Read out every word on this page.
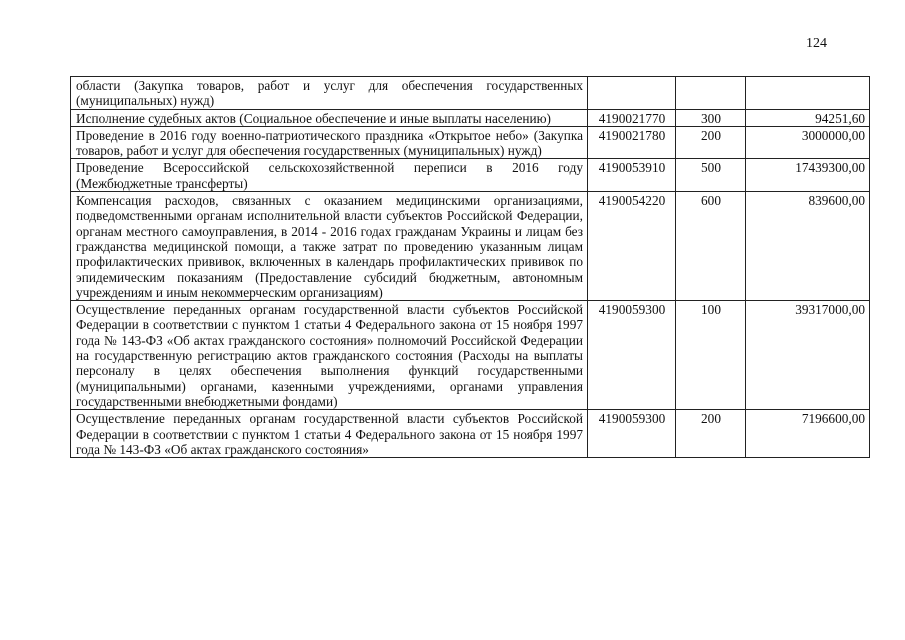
124
области (Закупка товаров, работ и услуг для обеспечения государственных (муниципальных) нужд)			
Исполнение судебных актов (Социальное обеспечение и иные выплаты населению)	4190021770	300	94251,60
Проведение в 2016 году военно-патриотического праздника «Открытое небо» (Закупка товаров, работ и услуг для обеспечения государственных (муниципальных) нужд)	4190021780	200	3000000,00
Проведение Всероссийской сельскохозяйственной переписи в 2016 году (Межбюджетные трансферты)	4190053910	500	17439300,00
Компенсация расходов, связанных с оказанием медицинскими организациями, подведомственными органам исполнительной власти субъектов Российской Федерации, органам местного самоуправления, в 2014 - 2016 годах гражданам Украины и лицам без гражданства медицинской помощи, а также затрат по проведению указанным лицам профилактических прививок, включенных в календарь профилактических прививок по эпидемическим показаниям (Предоставление субсидий бюджетным, автономным учреждениям и иным некоммерческим организациям)	4190054220	600	839600,00
Осуществление переданных органам государственной власти субъектов Российской Федерации в соответствии с пунктом 1 статьи 4 Федерального закона от 15 ноября 1997 года № 143-ФЗ «Об актах гражданского состояния» полномочий Российской Федерации на государственную регистрацию актов гражданского состояния (Расходы на выплаты персоналу в целях обеспечения выполнения функций государственными (муниципальными) органами, казенными учреждениями, органами управления государственными внебюджетными фондами)	4190059300	100	39317000,00
Осуществление переданных органам государственной власти субъектов Российской Федерации в соответствии с пунктом 1 статьи 4 Федерального закона от 15 ноября 1997 года № 143-ФЗ «Об актах гражданского состояния»	4190059300	200	7196600,00
